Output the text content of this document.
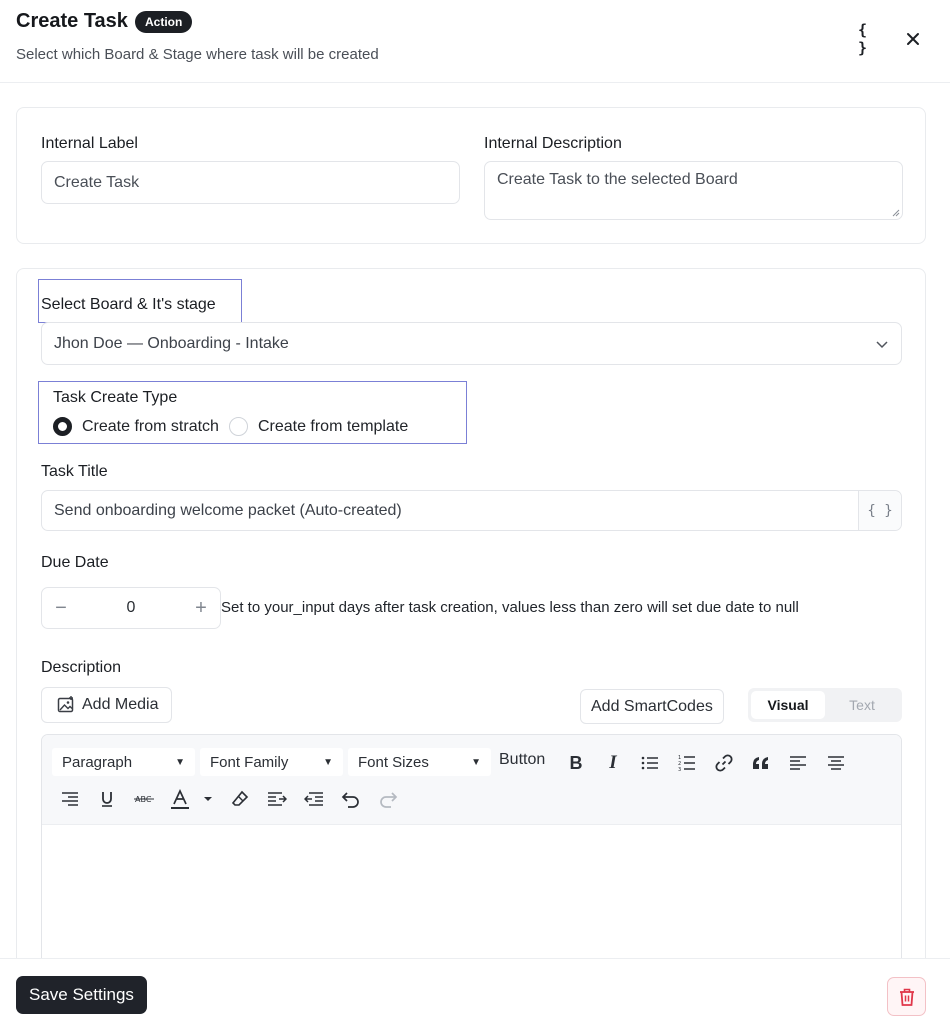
Create Task	Action
Select which Board & Stage where task will be created
{ }
Internal Label
Create Task
Internal Description
Create Task to the selected Board
Select Board & It's stage
Jhon Doe — Onboarding - Intake
Task Create Type
Create from stratch Create from template
Task Title
Send onboarding welcome packet (Auto-created)	{ }
Due Date
−	0	+ Set to your_input days after task creation, values less than zero will set due date to null
Description
Add Media	Add SmartCodes	Visual	Text
Paragraph	▼ Font Family	▼ Font Sizes	▼ Button B I	1
2
3
ABC
Save Settings
